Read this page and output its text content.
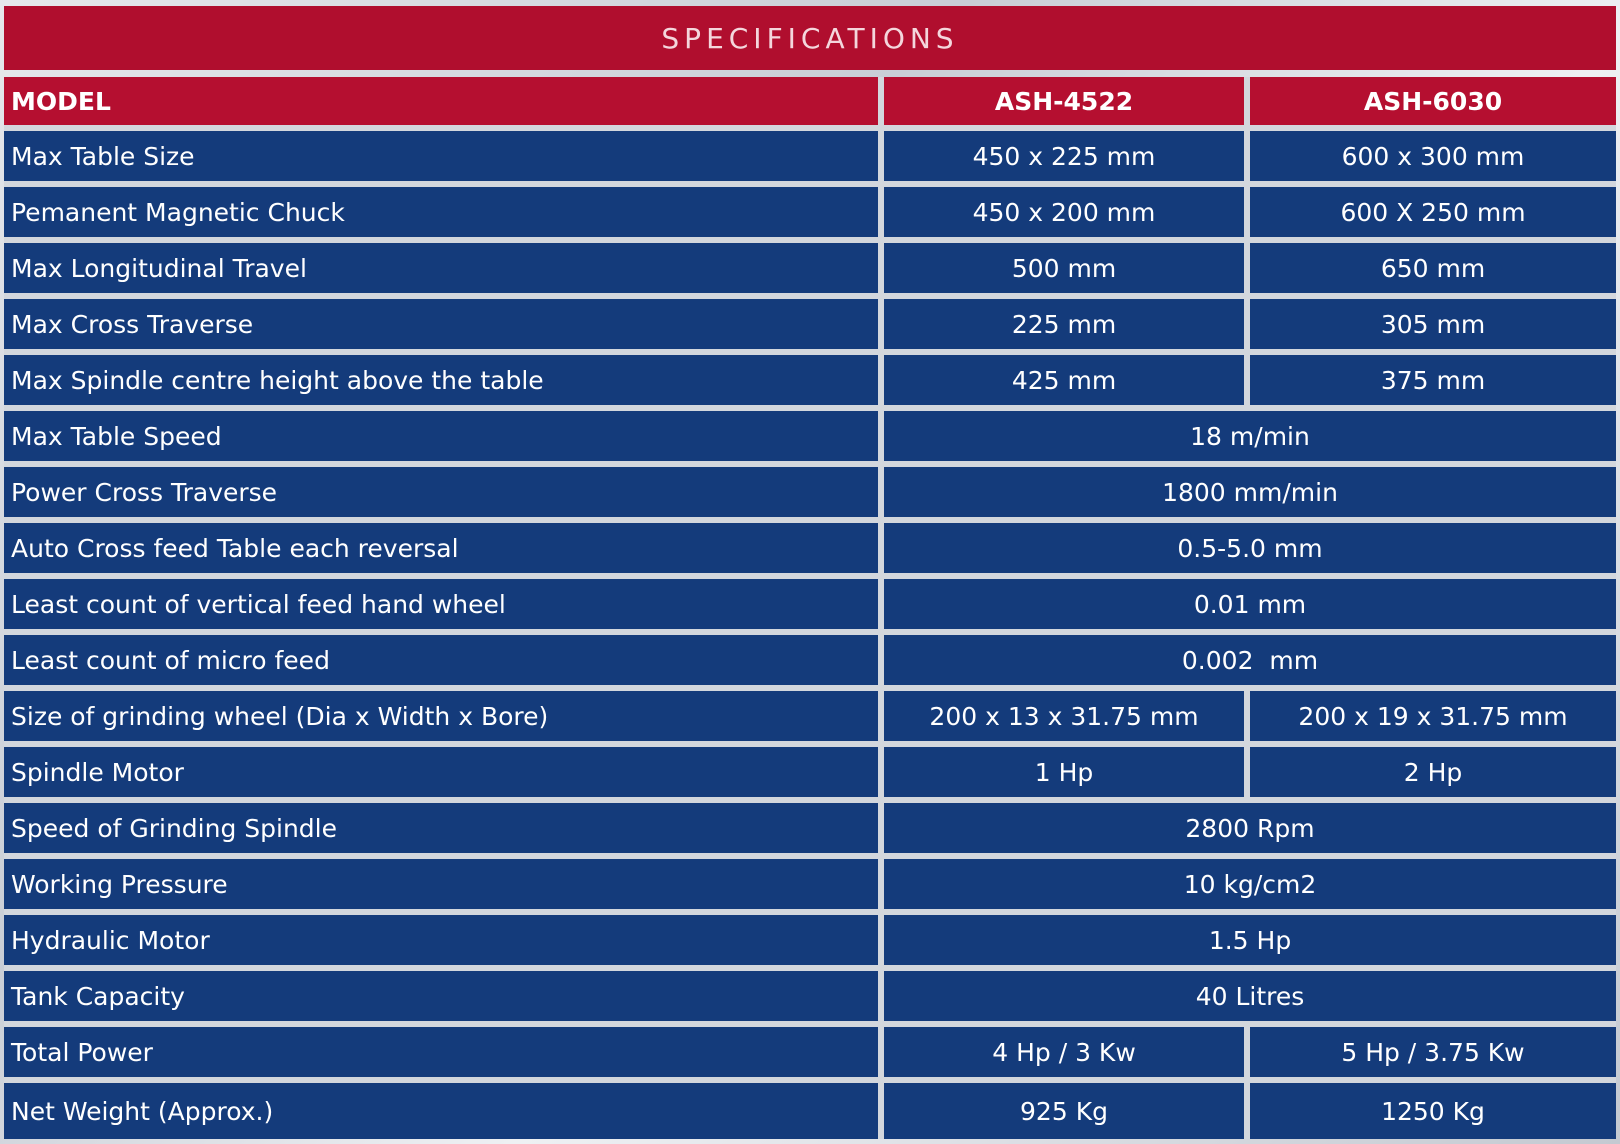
SPECIFICATIONS
MODEL	ASH-4522	ASH-6030
Max Table Size	450 x 225 mm	600 x 300 mm
Pemanent Magnetic Chuck	450 x 200 mm	600 X 250 mm
Max Longitudinal Travel	500 mm	650 mm
Max Cross Traverse	225 mm	305 mm
Max Spindle centre height above the table	425 mm	375 mm
Max Table Speed	18 m/min	
Power Cross Traverse	1800 mm/min	
Auto Cross feed Table each reversal	0.5-5.0 mm	
Least count of vertical feed hand wheel	0.01 mm	
Least count of micro feed	0.002  mm	
Size of grinding wheel (Dia x Width x Bore)	200 x 13 x 31.75 mm	200 x 19 x 31.75 mm
Spindle Motor	1 Hp	2 Hp
Speed of Grinding Spindle	2800 Rpm	
Working Pressure	10 kg/cm2	
Hydraulic Motor	1.5 Hp	
Tank Capacity	40 Litres	
Total Power	4 Hp / 3 Kw	5 Hp / 3.75 Kw
Net Weight (Approx.)	925 Kg	1250 Kg
